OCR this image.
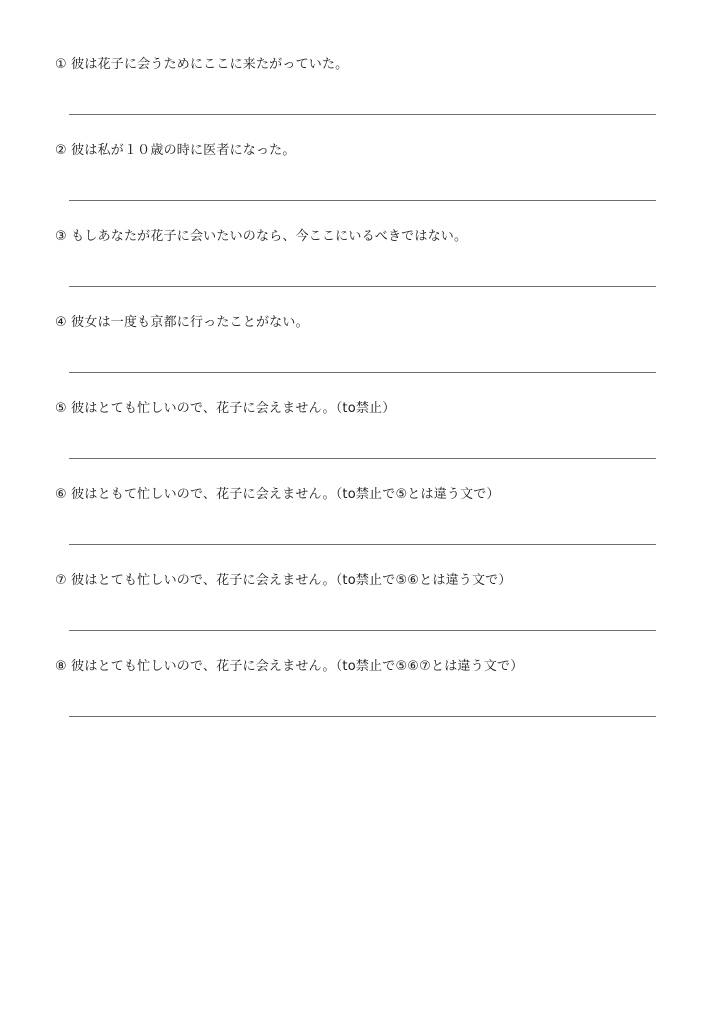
① 彼は花子に会うためにここに来たがっていた。
② 彼は私が１０歳の時に医者になった。
③ もしあなたが花子に会いたいのなら、今ここにいるべきではない。
④ 彼女は一度も京都に行ったことがない。
⑤ 彼はとても忙しいので、花子に会えません。（to禁止）
⑥ 彼はともて忙しいので、花子に会えません。（to禁止で⑤とは違う文で）
⑦ 彼はとても忙しいので、花子に会えません。（to禁止で⑤⑥とは違う文で）
⑧ 彼はとても忙しいので、花子に会えません。（to禁止で⑤⑥⑦とは違う文で）
